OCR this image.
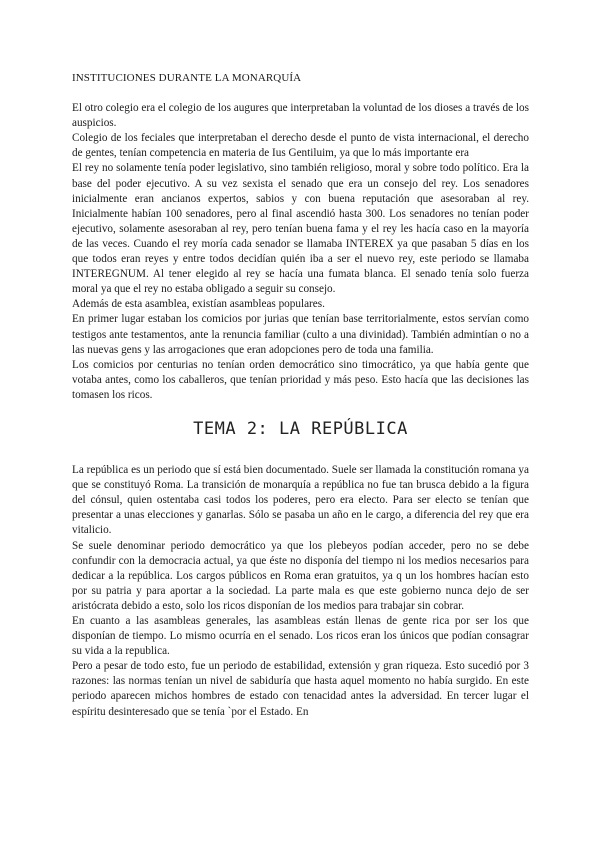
INSTITUCIONES DURANTE LA MONARQUÍA

El otro colegio era el colegio de los augures que interpretaban la voluntad de los dioses a través de los auspicios.

Colegio de los feciales que interpretaban el derecho desde el punto de vista internacional, el derecho de gentes, tenían competencia en materia de Ius Gentiluim, ya que lo más importante era

El rey no solamente tenía poder legislativo, sino también religioso, moral y sobre todo político. Era la base del poder ejecutivo. A su vez sexista el senado que era un consejo del rey. Los senadores inicialmente eran ancianos expertos, sabios y con buena reputación que asesoraban al rey. Inicialmente habían 100 senadores, pero al final ascendió hasta 300. Los senadores no tenían poder ejecutivo, solamente asesoraban al rey, pero tenían buena fama y el rey les hacía caso en la mayoría de las veces. Cuando el rey moría cada senador se llamaba INTEREX ya que pasaban 5 días en los que todos eran reyes y entre todos decidían quién iba a ser el nuevo rey, este periodo se llamaba INTEREGNUM. Al tener elegido al rey se hacía una fumata blanca. El senado tenía solo fuerza moral ya que el rey no estaba obligado a seguir su consejo.

Además de esta asamblea, existían asambleas populares.

En primer lugar estaban los comicios por jurias que tenían base territorialmente, estos servían como testigos ante testamentos, ante la renuncia familiar (culto a una divinidad). También admintían o no a las nuevas gens y las arrogaciones que eran adopciones pero de toda una familia.

Los comicios por centurias no tenían orden democrático sino timocrático, ya que había gente que votaba antes, como los caballeros, que tenían prioridad y más peso. Esto hacía que las decisiones las tomasen los ricos.

TEMA 2: LA REPÚBLICA

La república es un periodo que sí está bien documentado. Suele ser llamada la constitución romana ya que se constituyó Roma. La transición de monarquía a república no fue tan brusca debido a la figura del cónsul, quien ostentaba casi todos los poderes, pero era electo. Para ser electo se tenían que presentar a unas elecciones y ganarlas. Sólo se pasaba un año en le cargo, a diferencia del rey que era vitalicio.

Se suele denominar periodo democrático ya que los plebeyos podían acceder, pero no se debe confundir con la democracia actual, ya que éste no disponía del tiempo ni los medios necesarios para dedicar a la república. Los cargos públicos en Roma eran gratuitos, ya q un los hombres hacían esto por su patria y para aportar a la sociedad. La parte mala es que este gobierno nunca dejo de ser aristócrata debido a esto, solo los ricos disponían de los medios para trabajar sin cobrar.

En cuanto a las asambleas generales, las asambleas están llenas de gente rica por ser los que disponían de tiempo. Lo mismo ocurría en el senado. Los ricos eran los únicos que podían consagrar su vida a la republica.

Pero a pesar de todo esto, fue un periodo de estabilidad, extensión y gran riqueza. Esto sucedió por 3 razones: las normas tenían un nivel de sabiduría que hasta aquel momento no había surgido. En este periodo aparecen michos hombres de estado con tenacidad antes la adversidad. En tercer lugar el espíritu desinteresado que se tenía `por el Estado. En
